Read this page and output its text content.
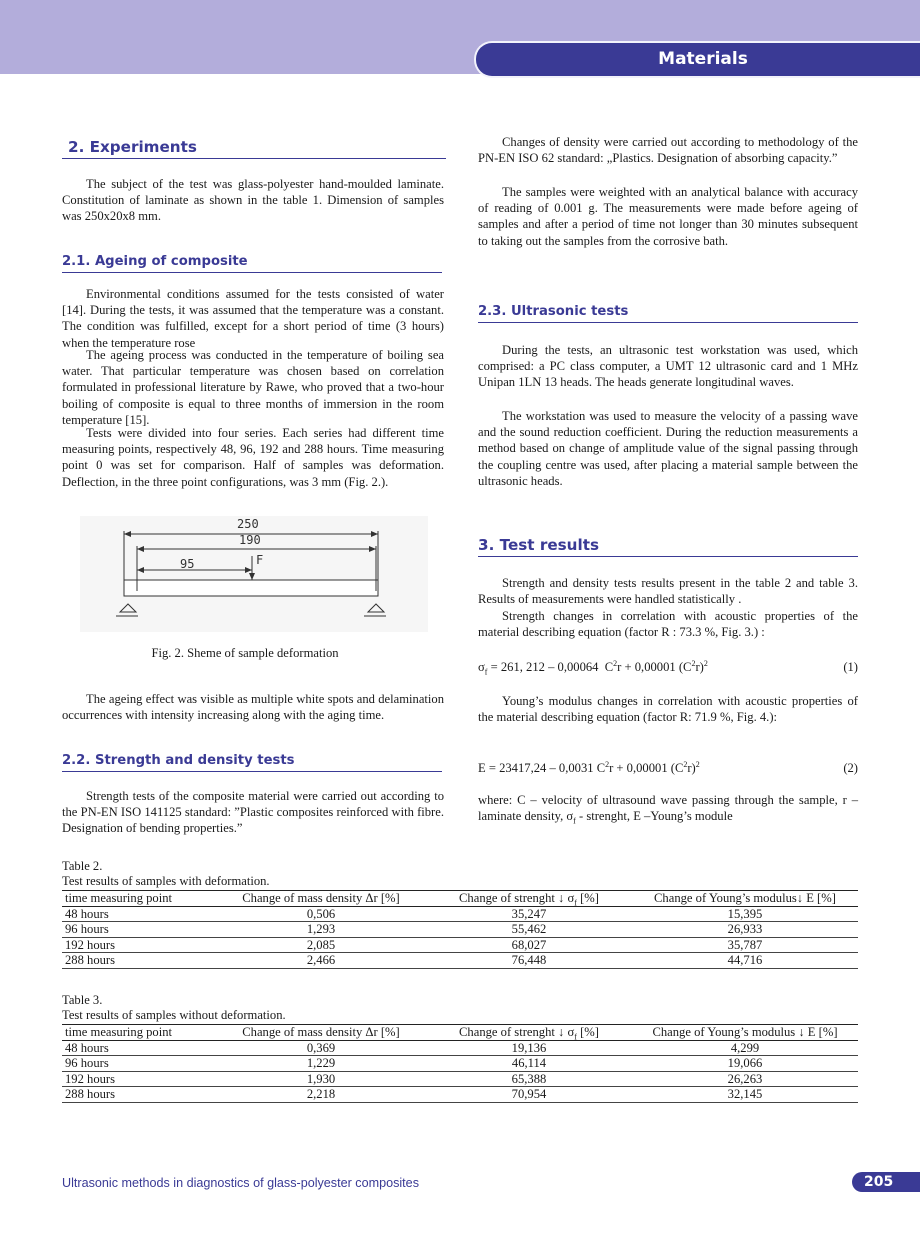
Materials
2. Experiments
The subject of the test was glass-polyester hand-moulded laminate. Constitution of laminate as shown in the table 1. Dimension of samples was 250x20x8 mm.
2.1. Ageing of composite
Environmental conditions assumed for the tests consisted of water [14]. During the tests, it was assumed that the temperature was a constant. The condition was fulfilled, except for a short period of time (3 hours) when the temperature rose
The ageing process was conducted in the temperature of boiling sea water. That particular temperature was chosen based on correlation formulated in professional literature by Rawe, who proved that a two-hour boiling of composite is equal to three months of immersion in the room temperature [15].
Tests were divided into four series. Each series had different time measuring points, respectively 48, 96, 192 and 288 hours. Time measuring point 0 was set for comparison. Half of samples was deformation. Deflection, in the three point configurations, was 3 mm (Fig. 2.).
250
190
95	F
Fig. 2. Sheme of sample deformation
The ageing effect was visible as multiple white spots and delamination occurrences with intensity increasing along with the aging time.
2.2. Strength and density tests
Strength tests of the composite material were carried out according to the PN-EN ISO 141125 standard: ”Plastic composites reinforced with fibre. Designation of bending properties.”
Changes of density were carried out according to methodology of the PN-EN ISO 62 standard: „Plastics. Designation of absorbing capacity.”
The samples were weighted with an analytical balance with accuracy of reading of 0.001 g. The measurements were made before ageing of samples and after a period of time not longer than 30 minutes subsequent to taking out the samples from the corrosive bath.
2.3. Ultrasonic tests
During the tests, an ultrasonic test workstation was used, which comprised: a PC class computer, a UMT 12 ultrasonic card and 1 MHz Unipan 1LN 13 heads. The heads generate longitudinal waves.
The workstation was used to measure the velocity of a passing wave and the sound reduction coefficient. During the reduction measurements a method based on change of amplitude value of the signal passing through the coupling centre was used, after placing a material sample between the ultrasonic heads.
3. Test results
Strength and density tests results present in the table 2 and table 3. Results of measurements were handled statistically .
Strength changes in correlation with acoustic properties of the material describing equation (factor R : 73.3 %, Fig. 3.) :
$\sigma_f = 261$, 212 – 0,00064  $C^2r + 0,00001$ $(C^2r)^2$	(1)
Young’s modulus changes in correlation with acoustic properties of the material describing equation (factor R: 71.9 %, Fig. 4.):
E = 23417,24 – 0,0031 $C^2r + 0,00001$ $(C^2r)^2$	(2)
where: C – velocity of ultrasound wave passing through the sample, r – laminate density, $\sigma_f$ - strenght, E –Young’s module
Table 2.
Test results of samples with deformation.
time measuring point	Change of mass density Δr [%]	Change of strenght ↓ $\sigma_f$ [%]	Change of Young’s modulus↓ E [%]
48 hours	0,506	35,247	15,395
96 hours	1,293	55,462	26,933
192 hours	2,085	68,027	35,787
288 hours	2,466	76,448	44,716
Table 3.
Test results of samples without deformation.
time measuring point	Change of mass density Δr [%]	Change of strenght ↓ $\sigma_f$ [%]	Change of Young’s modulus ↓ E [%]
48 hours	0,369	19,136	4,299
96 hours	1,229	46,114	19,066
192 hours	1,930	65,388	26,263
288 hours	2,218	70,954	32,145
Ultrasonic methods in diagnostics of glass-polyester composites	205
